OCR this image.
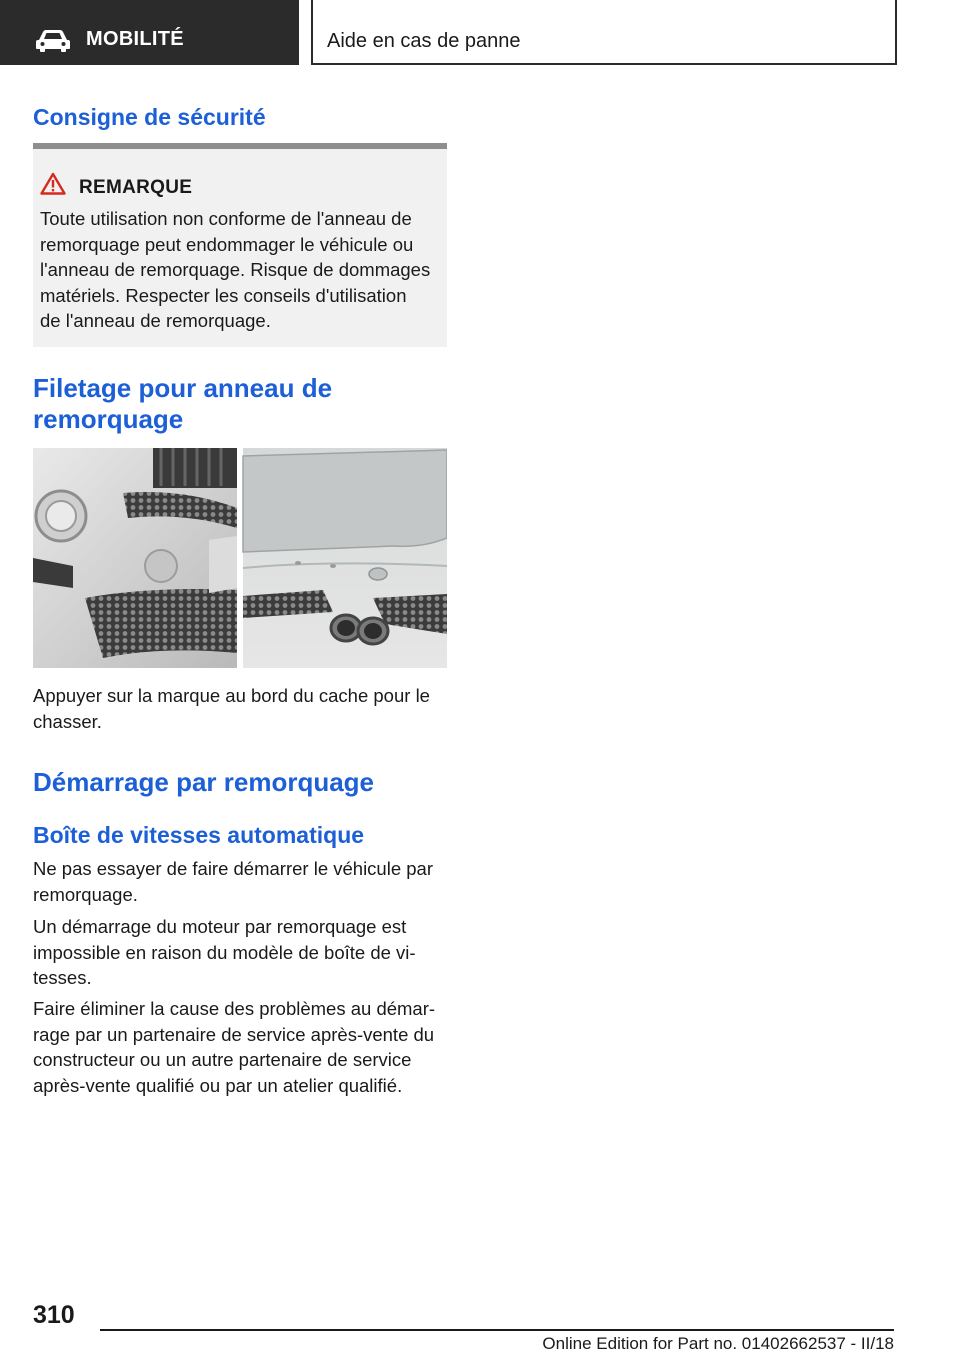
MOBILITÉ	Aide en cas de panne
Consigne de sécurité
REMARQUE
Toute utilisation non conforme de l'anneau de
remorquage peut endommager le véhicule ou
l'anneau de remorquage. Risque de dommages
matériels. Respecter les conseils d'utilisation
de l'anneau de remorquage.
Filetage pour anneau de remorquage
Appuyer sur la marque au bord du cache pour le
chasser.
Démarrage par remorquage
Boîte de vitesses automatique
Ne pas essayer de faire démarrer le véhicule par
remorquage.
Un démarrage du moteur par remorquage est
impossible en raison du modèle de boîte de vi-
tesses.
Faire éliminer la cause des problèmes au démar-
rage par un partenaire de service après-vente du
constructeur ou un autre partenaire de service
après-vente qualifié ou par un atelier qualifié.
310
Online Edition for Part no. 01402662537 - II/18
